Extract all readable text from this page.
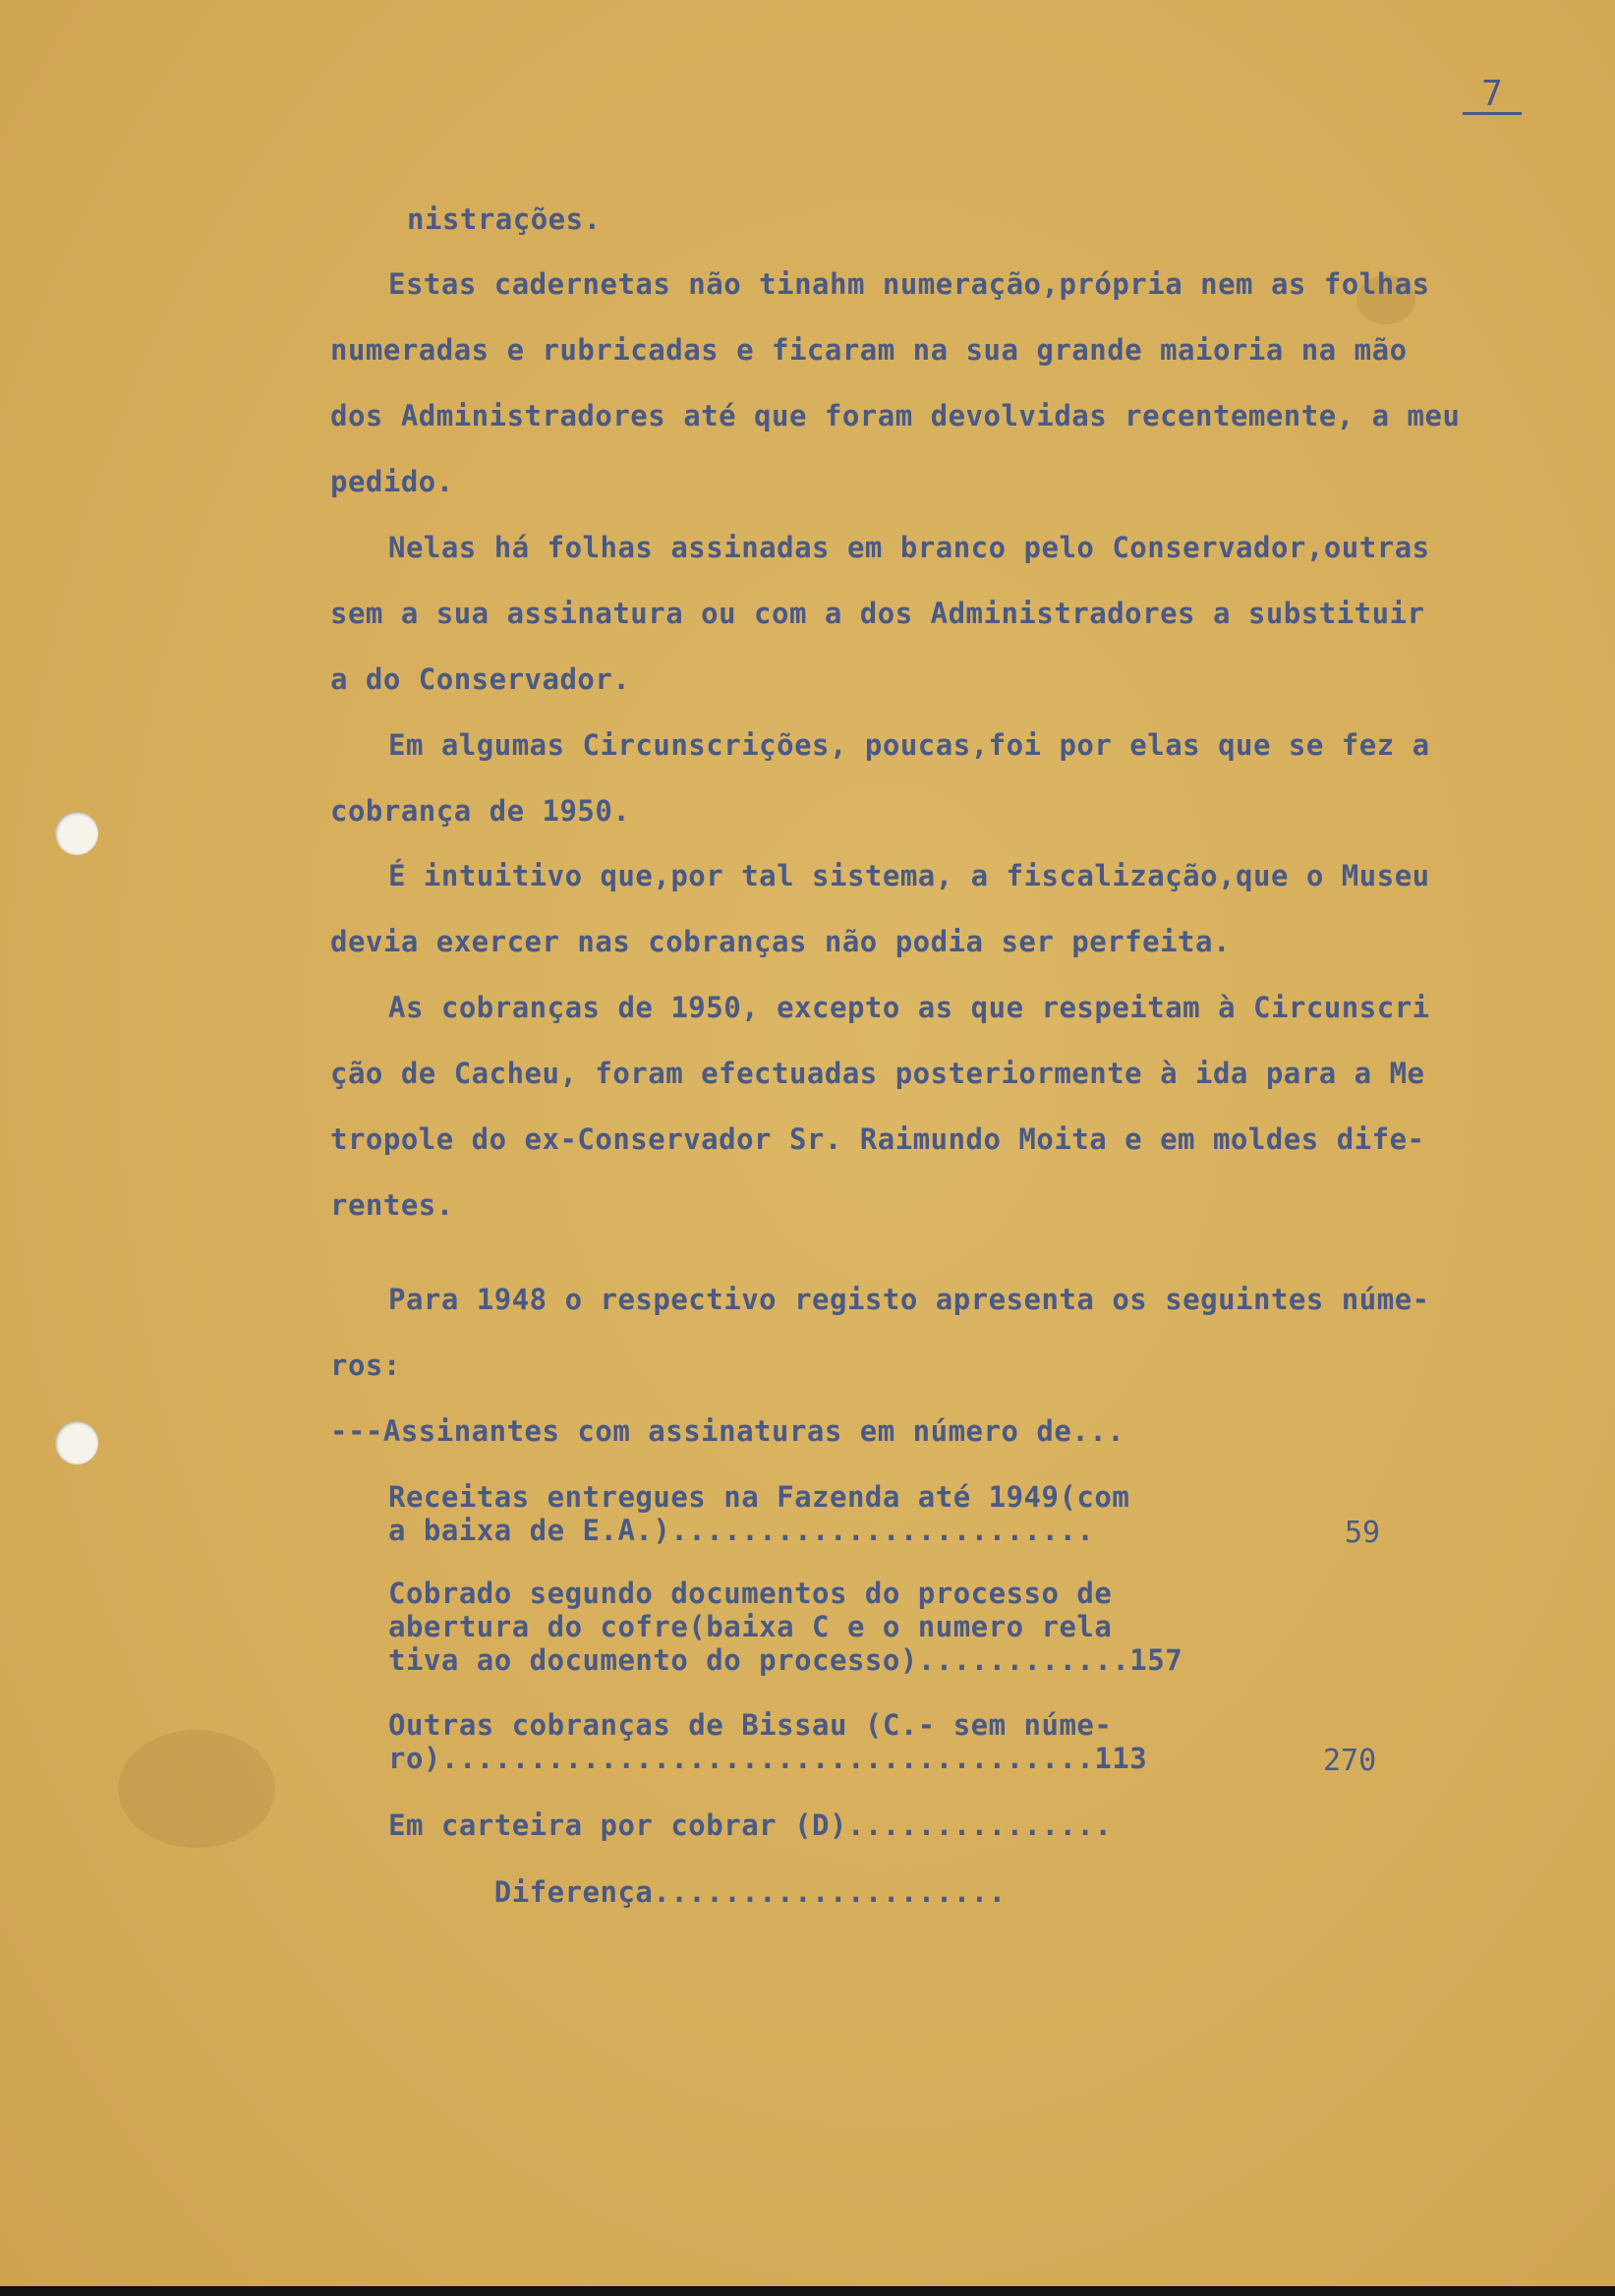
7
nistrações.
Estas cadernetas não tinahm numeração,própria nem as folhas
numeradas e rubricadas e ficaram na sua grande maioria na mão
dos Administradores até que foram devolvidas recentemente, a meu
pedido.
Nelas há folhas assinadas em branco pelo Conservador,outras
sem a sua assinatura ou com a dos Administradores a substituir
a do Conservador.
Em algumas Circunscrições, poucas,foi por elas que se fez a
cobrança de 1950.
É intuitivo que,por tal sistema, a fiscalização,que o Museu
devia exercer nas cobranças não podia ser perfeita.
As cobranças de 1950, excepto as que respeitam à Circunscri
ção de Cacheu, foram efectuadas posteriormente à ida para a Me
tropole do ex-Conservador Sr. Raimundo Moita e em moldes dife-
rentes.
Para 1948 o respectivo registo apresenta os seguintes núme-
ros:
---Assinantes com assinaturas em número de...
Receitas entregues na Fazenda até 1949(com
a baixa de E.A.)........................	59
Cobrado segundo documentos do processo de
abertura do cofre(baixa C e o numero rela
tiva ao documento do processo)............157
Outras cobranças de Bissau (C.- sem núme-
ro).....................................113	270
Em carteira por cobrar (D)...............
Diferença....................
